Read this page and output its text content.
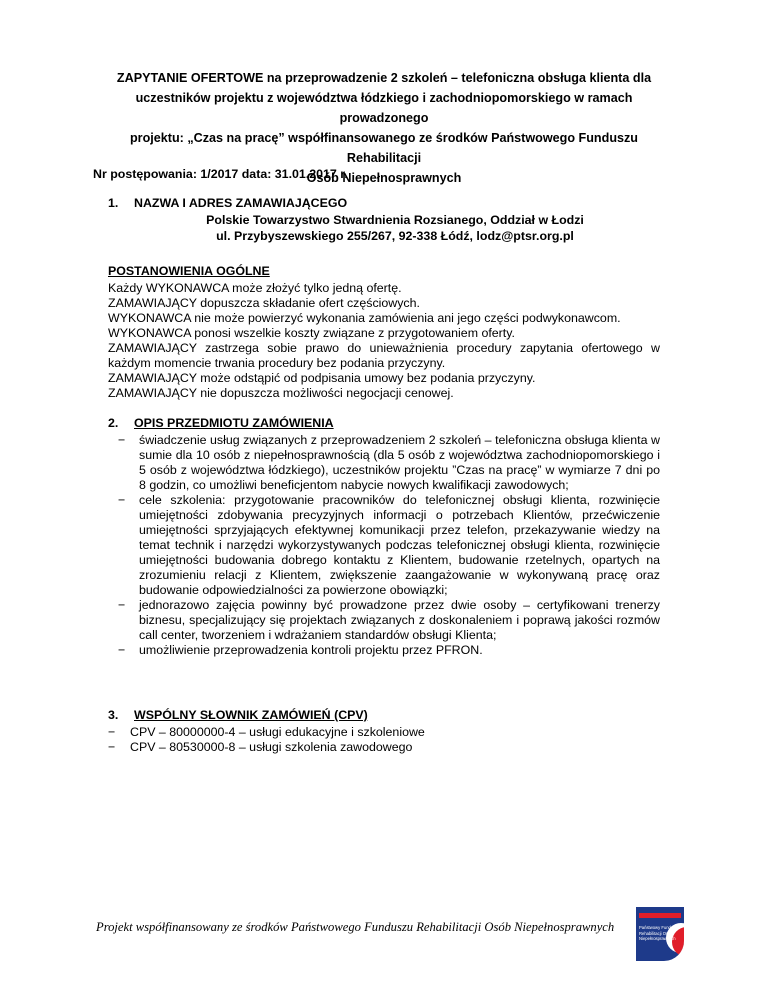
ZAPYTANIE OFERTOWE na przeprowadzenie 2 szkoleń – telefoniczna obsługa klienta dla
uczestników projektu z województwa łódzkiego i zachodniopomorskiego w ramach prowadzonego
projektu: „Czas na pracę” współfinansowanego ze środków Państwowego Funduszu Rehabilitacji
Osób Niepełnosprawnych
Nr postępowania: 1/2017 data: 31.01.2017 r.
1. NAZWA I ADRES ZAMAWIAJĄCEGO
Polskie Towarzystwo Stwardnienia Rozsianego, Oddział w Łodzi
ul. Przybyszewskiego 255/267, 92-338 Łódź, lodz@ptsr.org.pl
POSTANOWIENIA OGÓLNE

Każdy WYKONAWCA może złożyć tylko jedną ofertę.

ZAMAWIAJĄCY dopuszcza składanie ofert częściowych.

WYKONAWCA nie może powierzyć wykonania zamówienia ani jego części podwykonawcom.

WYKONAWCA ponosi wszelkie koszty związane z przygotowaniem oferty.

ZAMAWIAJĄCY zastrzega sobie prawo do unieważnienia procedury zapytania ofertowego w każdym momencie trwania procedury bez podania przyczyny.

ZAMAWIAJĄCY może odstąpić od podpisania umowy bez podania przyczyny.

ZAMAWIAJĄCY nie dopuszcza możliwości negocjacji cenowej.

2. OPIS PRZEDMIOTU ZAMÓWIENIA
− świadczenie usług związanych z przeprowadzeniem 2 szkoleń – telefoniczna obsługa klienta w sumie dla 10 osób z niepełnosprawnością (dla 5 osób z województwa zachodniopomorskiego i 5 osób z województwa łódzkiego), uczestników projektu ”Czas na pracę” w wymiarze 7 dni po 8 godzin, co umożliwi beneficjentom nabycie nowych kwalifikacji zawodowych;
− cele szkolenia: przygotowanie pracowników do telefonicznej obsługi klienta, rozwinięcie umiejętności zdobywania precyzyjnych informacji o potrzebach Klientów, przećwiczenie umiejętności sprzyjających efektywnej komunikacji przez telefon, przekazywanie wiedzy na temat technik i narzędzi wykorzystywanych podczas telefonicznej obsługi klienta, rozwinięcie umiejętności budowania dobrego kontaktu z Klientem, budowanie rzetelnych, opartych na zrozumieniu relacji z Klientem, zwiększenie zaangażowanie w wykonywaną pracę oraz budowanie odpowiedzialności za powierzone obowiązki;
− jednorazowo zajęcia powinny być prowadzone przez dwie osoby – certyfikowani trenerzy biznesu, specjalizujący się projektach związanych z doskonaleniem i poprawą jakości rozmów call center, tworzeniem i wdrażaniem standardów obsługi Klienta;
− umożliwienie przeprowadzenia kontroli projektu przez PFRON.
3. WSPÓLNY SŁOWNIK ZAMÓWIEŃ (CPV)
− CPV – 80000000-4 – usługi edukacyjne i szkoleniowe
− CPV – 80530000-8 – usługi szkolenia zawodowego
Projekt współfinansowany ze środków Państwowego Funduszu Rehabilitacji Osób Niepełnosprawnych	Państwowy Fundusz
Rehabilitacji Osób
Niepełnosprawnych
